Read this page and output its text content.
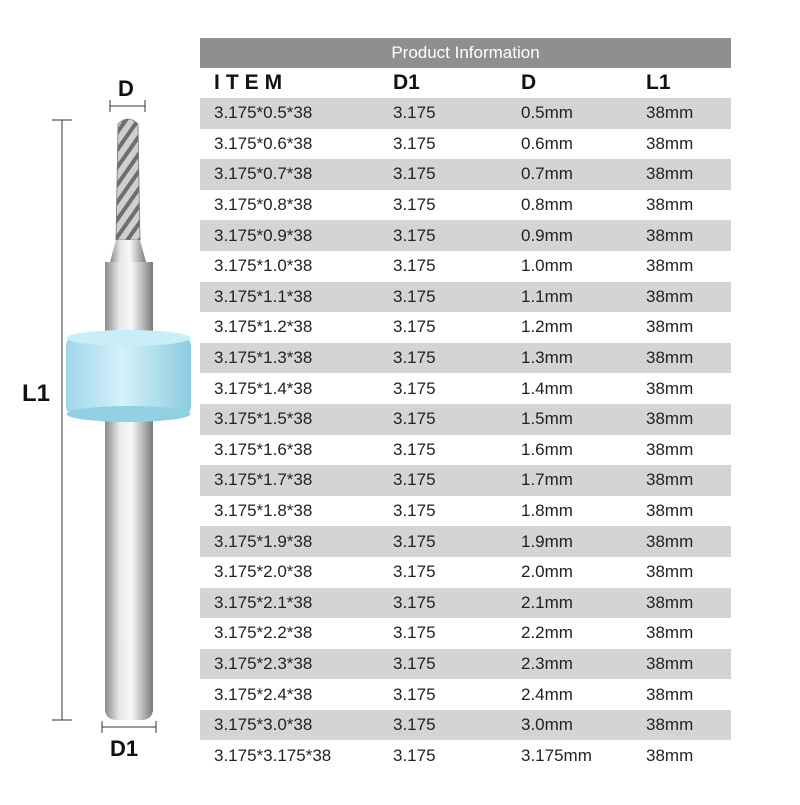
D
L1
D1
Product Information
ITEM	D1	D	L1
3.175*0.5*38	3.175	0.5mm	38mm
3.175*0.6*38	3.175	0.6mm	38mm
3.175*0.7*38	3.175	0.7mm	38mm
3.175*0.8*38	3.175	0.8mm	38mm
3.175*0.9*38	3.175	0.9mm	38mm
3.175*1.0*38	3.175	1.0mm	38mm
3.175*1.1*38	3.175	1.1mm	38mm
3.175*1.2*38	3.175	1.2mm	38mm
3.175*1.3*38	3.175	1.3mm	38mm
3.175*1.4*38	3.175	1.4mm	38mm
3.175*1.5*38	3.175	1.5mm	38mm
3.175*1.6*38	3.175	1.6mm	38mm
3.175*1.7*38	3.175	1.7mm	38mm
3.175*1.8*38	3.175	1.8mm	38mm
3.175*1.9*38	3.175	1.9mm	38mm
3.175*2.0*38	3.175	2.0mm	38mm
3.175*2.1*38	3.175	2.1mm	38mm
3.175*2.2*38	3.175	2.2mm	38mm
3.175*2.3*38	3.175	2.3mm	38mm
3.175*2.4*38	3.175	2.4mm	38mm
3.175*3.0*38	3.175	3.0mm	38mm
3.175*3.175*38	3.175	3.175mm	38mm
